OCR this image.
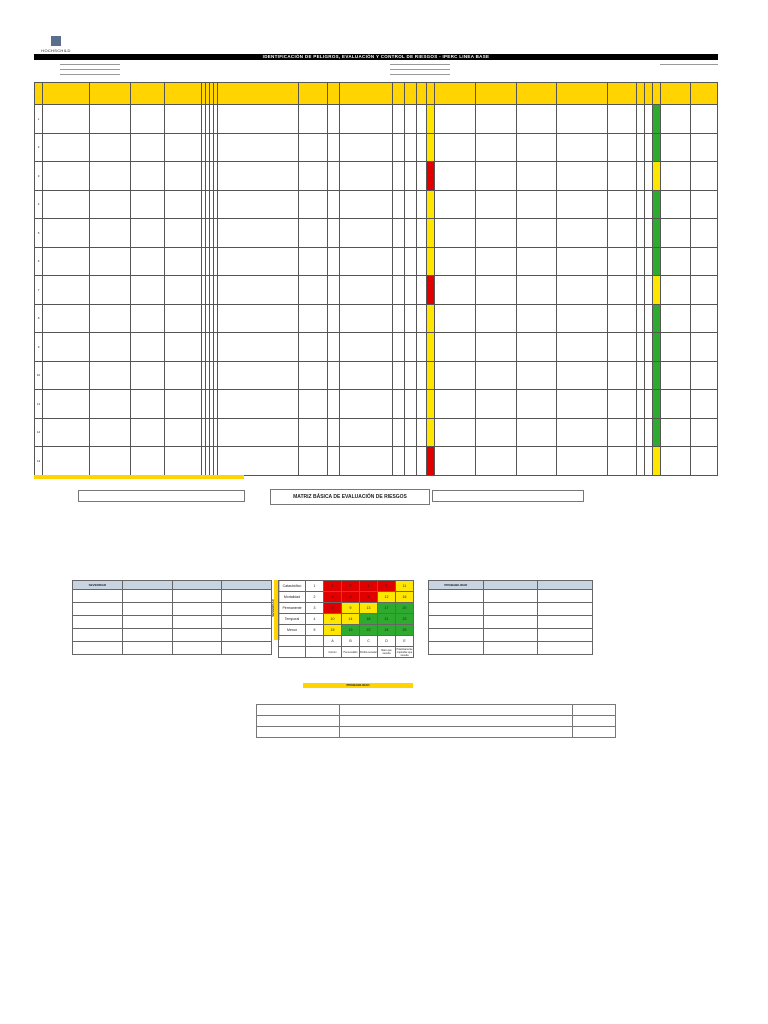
HOCHSCHILD
IDENTIFICACIÓN DE PELIGROS, EVALUACIÓN Y CONTROL DE RIESGOS - IPERC LINEA BASE

1																										
2																										
3																										
4																										
5																										
6																										
7																										
8																										
9																										
10																										
11																										
12																										
13																										
MATRIZ BÁSICA DE EVALUACIÓN DE RIESGOS
SEVERIDAD			

SEVERIDAD
Catastrófico	1	1	2	4	7	11
Mortalidad	2	3	5	8	12	16
Permanente	3	6	9	13	17	20
Temporal	4	10	14	18	21	23
Menor	5	15	19	22	24	25
		A	B	C	D	E
		Común	Ha sucedido	Podría suceder	Raro que suceda	Prácticamente imposible que suceda
PROBABILIDAD
PROBABILIDAD		
